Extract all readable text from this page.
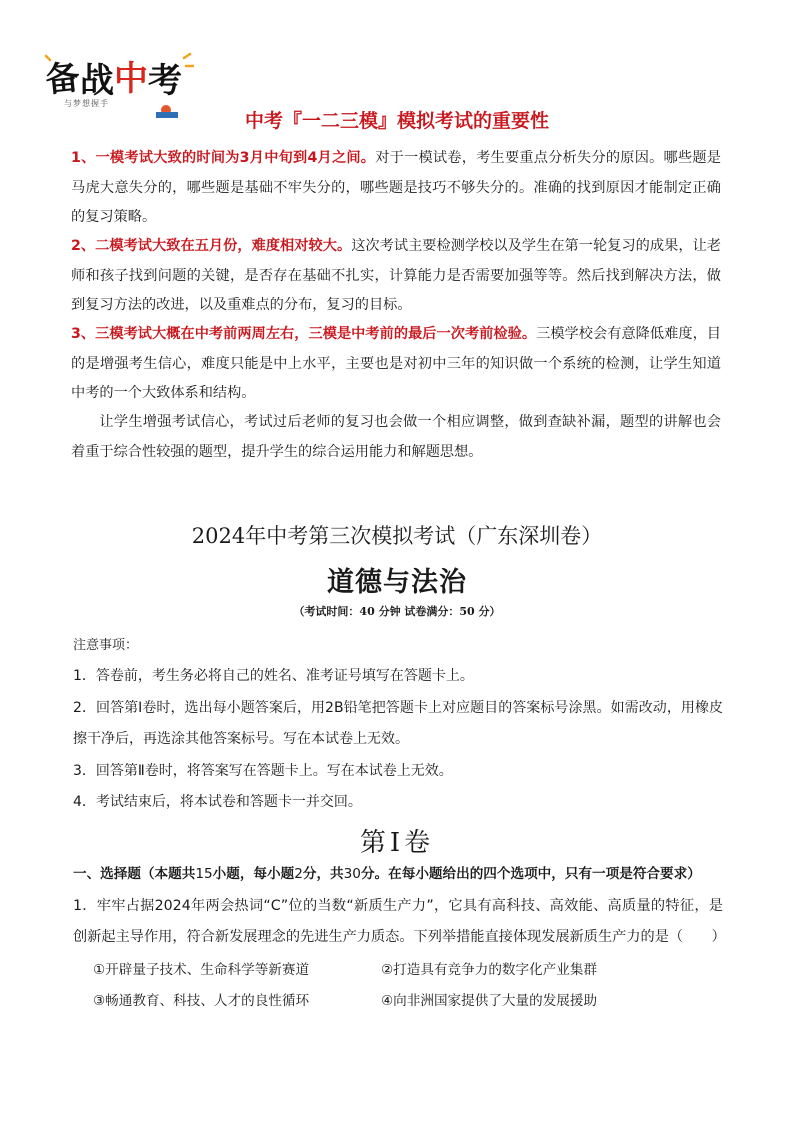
备
战 中 考
与梦想握手
中考『一二三模』模拟考试的重要性
1、一模考试大致的时间为3月中旬到4月之间。对于一模试卷，考生要重点分析失分的原因。哪些题是马虎大意失分的，哪些题是基础不牢失分的，哪些题是技巧不够失分的。准确的找到原因才能制定正确的复习策略。
2、二模考试大致在五月份，难度相对较大。这次考试主要检测学校以及学生在第一轮复习的成果，让老师和孩子找到问题的关键，是否存在基础不扎实，计算能力是否需要加强等等。然后找到解决方法，做到复习方法的改进，以及重难点的分布，复习的目标。
3、三模考试大概在中考前两周左右，三模是中考前的最后一次考前检验。三模学校会有意降低难度，目的是增强考生信心，难度只能是中上水平，主要也是对初中三年的知识做一个系统的检测，让学生知道中考的一个大致体系和结构。
让学生增强考试信心，考试过后老师的复习也会做一个相应调整，做到查缺补漏，题型的讲解也会着重于综合性较强的题型，提升学生的综合运用能力和解题思想。
2024年中考第三次模拟考试（广东深圳卷）
道德与法治
（考试时间：40 分钟 试卷满分：50 分）
注意事项：
1．答卷前，考生务必将自己的姓名、准考证号填写在答题卡上。
2．回答第Ⅰ卷时，选出每小题答案后，用2B铅笔把答题卡上对应题目的答案标号涂黑。如需改动，用橡皮擦干净后，再选涂其他答案标号。写在本试卷上无效。
3．回答第Ⅱ卷时，将答案写在答题卡上。写在本试卷上无效。
4．考试结束后，将本试卷和答题卡一并交回。
第Ⅰ卷
一、选择题（本题共15小题，每小题2分，共30分。在每小题给出的四个选项中，只有一项是符合要求）
1．牢牢占据2024年两会热词“C”位的当数“新质生产力”，它具有高科技、高效能、高质量的特征，是创新起主导作用，符合新发展理念的先进生产力质态。下列举措能直接体现发展新质生产力的是（　　）
①开辟量子技术、生命科学等新赛道	②打造具有竞争力的数字化产业集群
③畅通教育、科技、人才的良性循环	④向非洲国家提供了大量的发展援助
